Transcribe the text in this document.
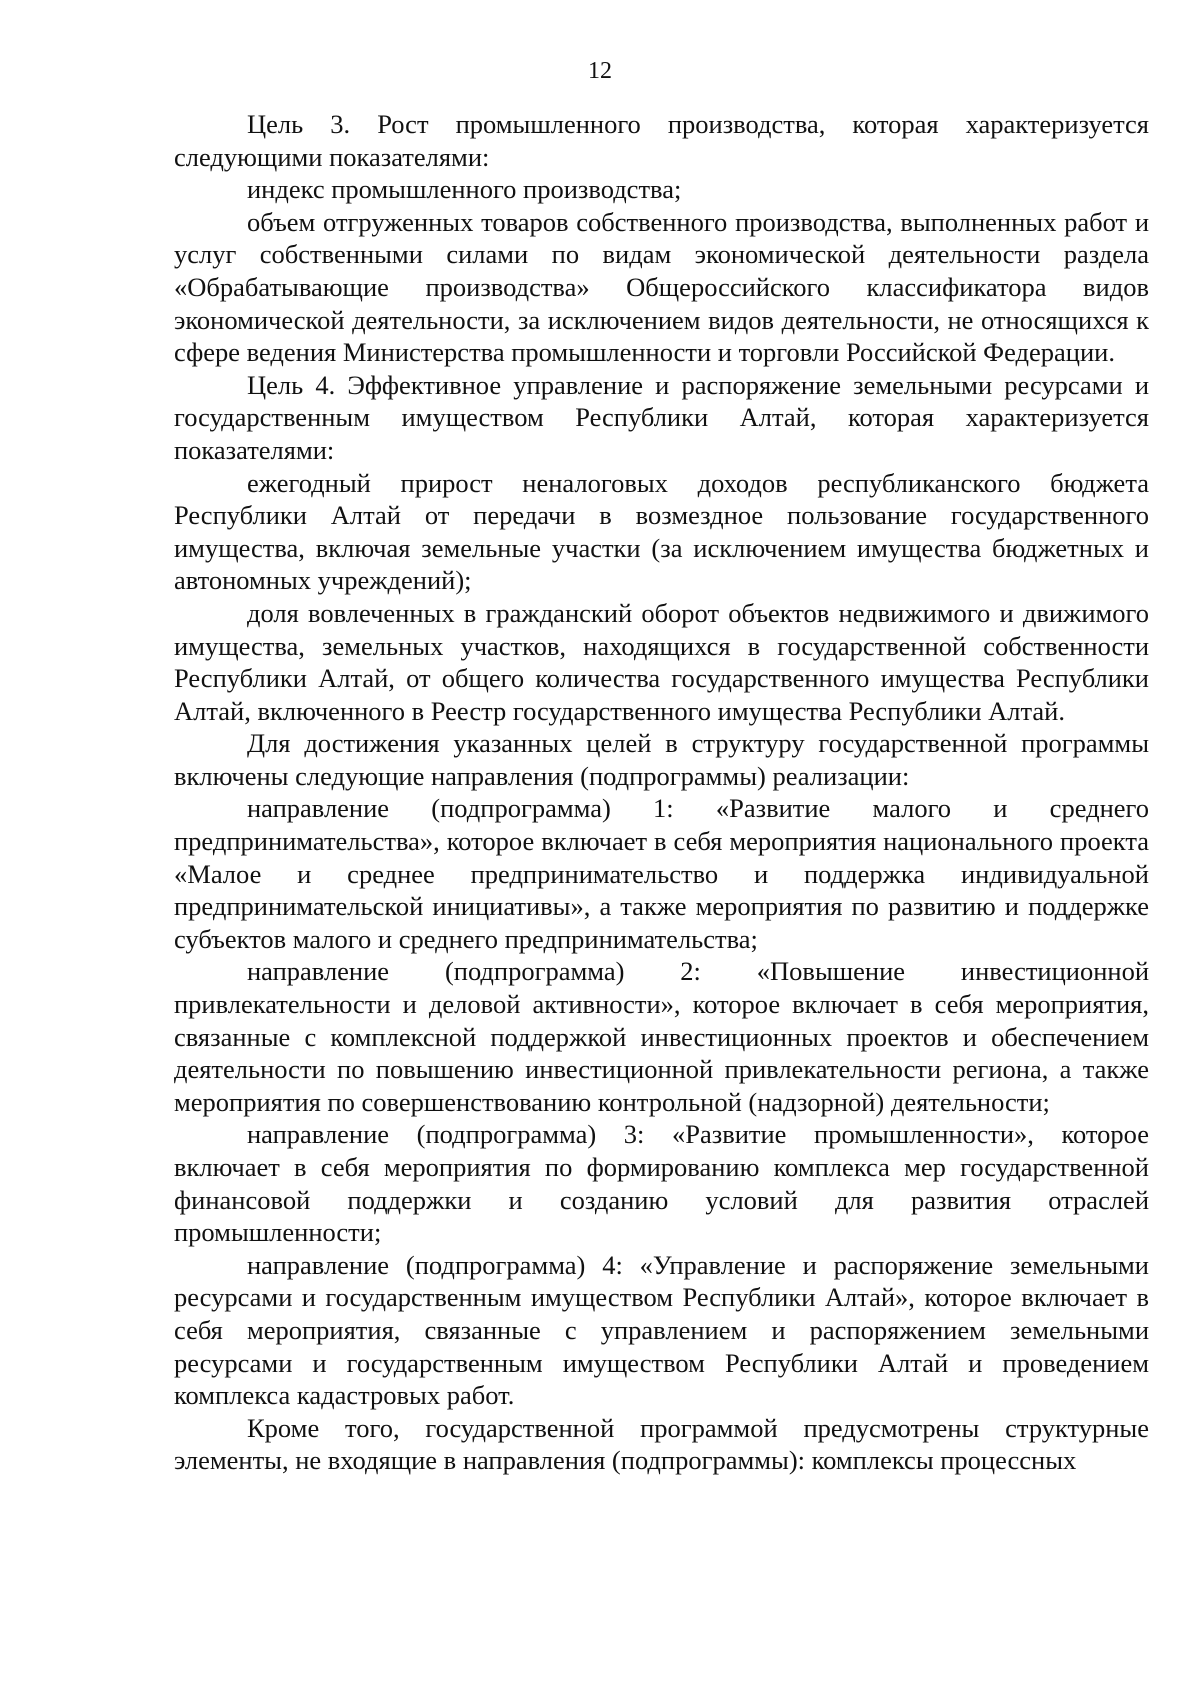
12

Цель 3. Рост промышленного производства, которая характеризуется следующими показателями:

индекс промышленного производства;

объем отгруженных товаров собственного производства, выполненных работ и услуг собственными силами по видам экономической деятельности раздела «Обрабатывающие производства» Общероссийского классификатора видов экономической деятельности, за исключением видов деятельности, не относящихся к сфере ведения Министерства промышленности и торговли Российской Федерации.

Цель 4. Эффективное управление и распоряжение земельными ресурсами и государственным имуществом Республики Алтай, которая характеризуется показателями:

ежегодный прирост неналоговых доходов республиканского бюджета Республики Алтай от передачи в возмездное пользование государственного имущества, включая земельные участки (за исключением имущества бюджетных и автономных учреждений);

доля вовлеченных в гражданский оборот объектов недвижимого и движимого имущества, земельных участков, находящихся в государственной собственности Республики Алтай, от общего количества государственного имущества Республики Алтай, включенного в Реестр государственного имущества Республики Алтай.

Для достижения указанных целей в структуру государственной программы включены следующие направления (подпрограммы) реализации:

направление (подпрограмма) 1: «Развитие малого и среднего предпринимательства», которое включает в себя мероприятия национального проекта «Малое и среднее предпринимательство и поддержка индивидуальной предпринимательской инициативы», а также мероприятия по развитию и поддержке субъектов малого и среднего предпринимательства;

направление (подпрограмма) 2: «Повышение инвестиционной привлекательности и деловой активности», которое включает в себя мероприятия, связанные с комплексной поддержкой инвестиционных проектов и обеспечением деятельности по повышению инвестиционной привлекательности региона, а также мероприятия по совершенствованию контрольной (надзорной) деятельности;

направление (подпрограмма) 3: «Развитие промышленности», которое включает в себя мероприятия по формированию комплекса мер государственной финансовой поддержки и созданию условий для развития отраслей промышленности;

направление (подпрограмма) 4: «Управление и распоряжение земельными ресурсами и государственным имуществом Республики Алтай», которое включает в себя мероприятия, связанные с управлением и распоряжением земельными ресурсами и государственным имуществом Республики Алтай и проведением комплекса кадастровых работ.

Кроме того, государственной программой предусмотрены структурные элементы, не входящие в направления (подпрограммы): комплексы процессных
